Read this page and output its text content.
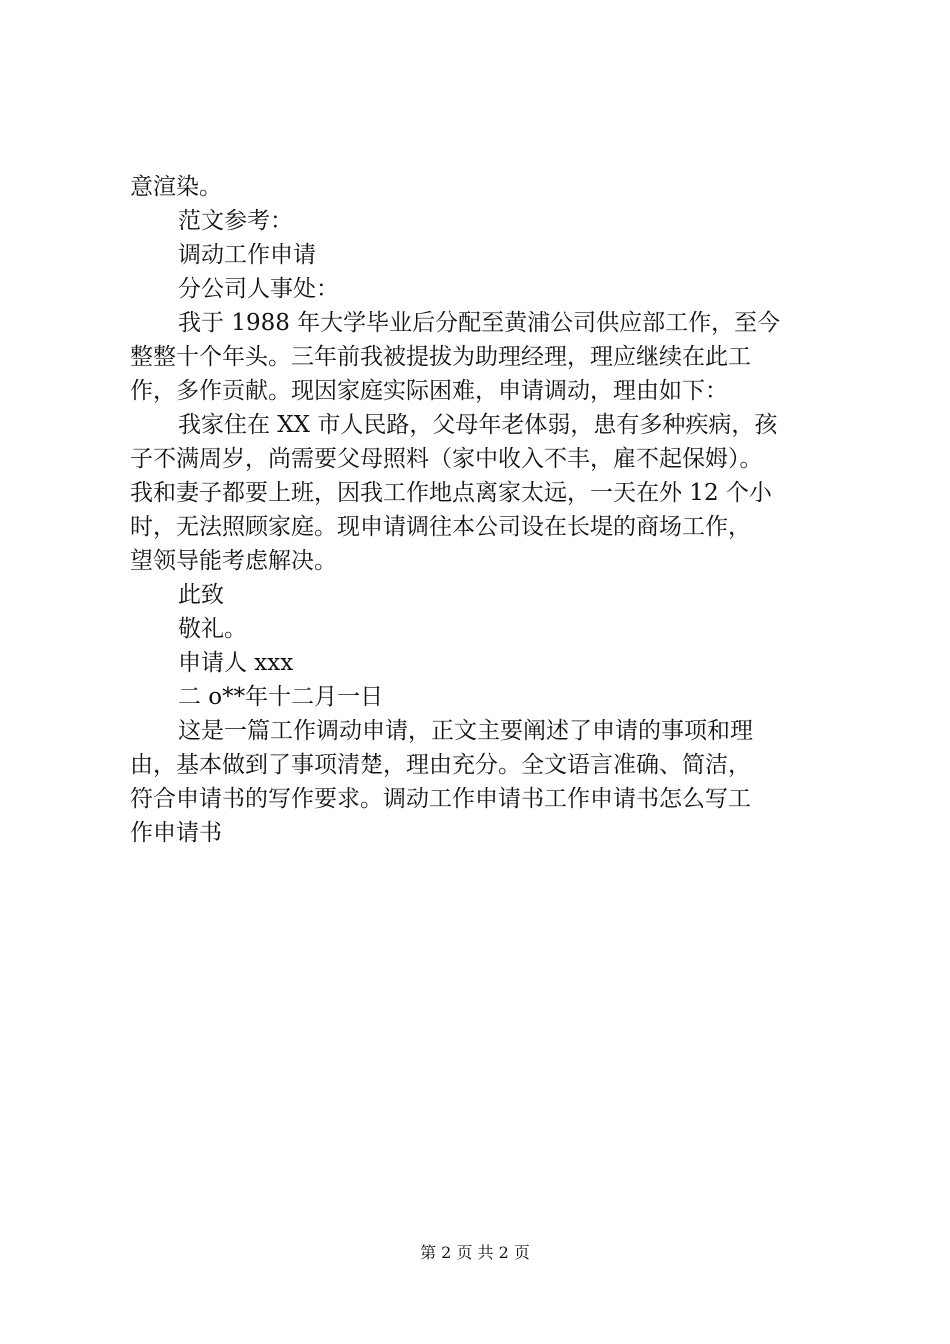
意渲染。
范文参考：
调动工作申请
分公司人事处：
我于 1988 年大学毕业后分配至黄浦公司供应部工作，至今
整整十个年头。三年前我被提拔为助理经理，理应继续在此工
作，多作贡献。现因家庭实际困难，申请调动，理由如下：
我家住在 XX 市人民路，父母年老体弱，患有多种疾病，孩
子不满周岁，尚需要父母照料（家中收入不丰，雇不起保姆）。
我和妻子都要上班，因我工作地点离家太远，一天在外 12 个小
时，无法照顾家庭。现申请调往本公司设在长堤的商场工作，
望领导能考虑解决。
此致
敬礼。
申请人 xxx
二 o**年十二月一日
这是一篇工作调动申请，正文主要阐述了申请的事项和理
由，基本做到了事项清楚，理由充分。全文语言准确、简洁，
符合申请书的写作要求。调动工作申请书工作申请书怎么写工
作申请书
第 2 页 共 2 页
